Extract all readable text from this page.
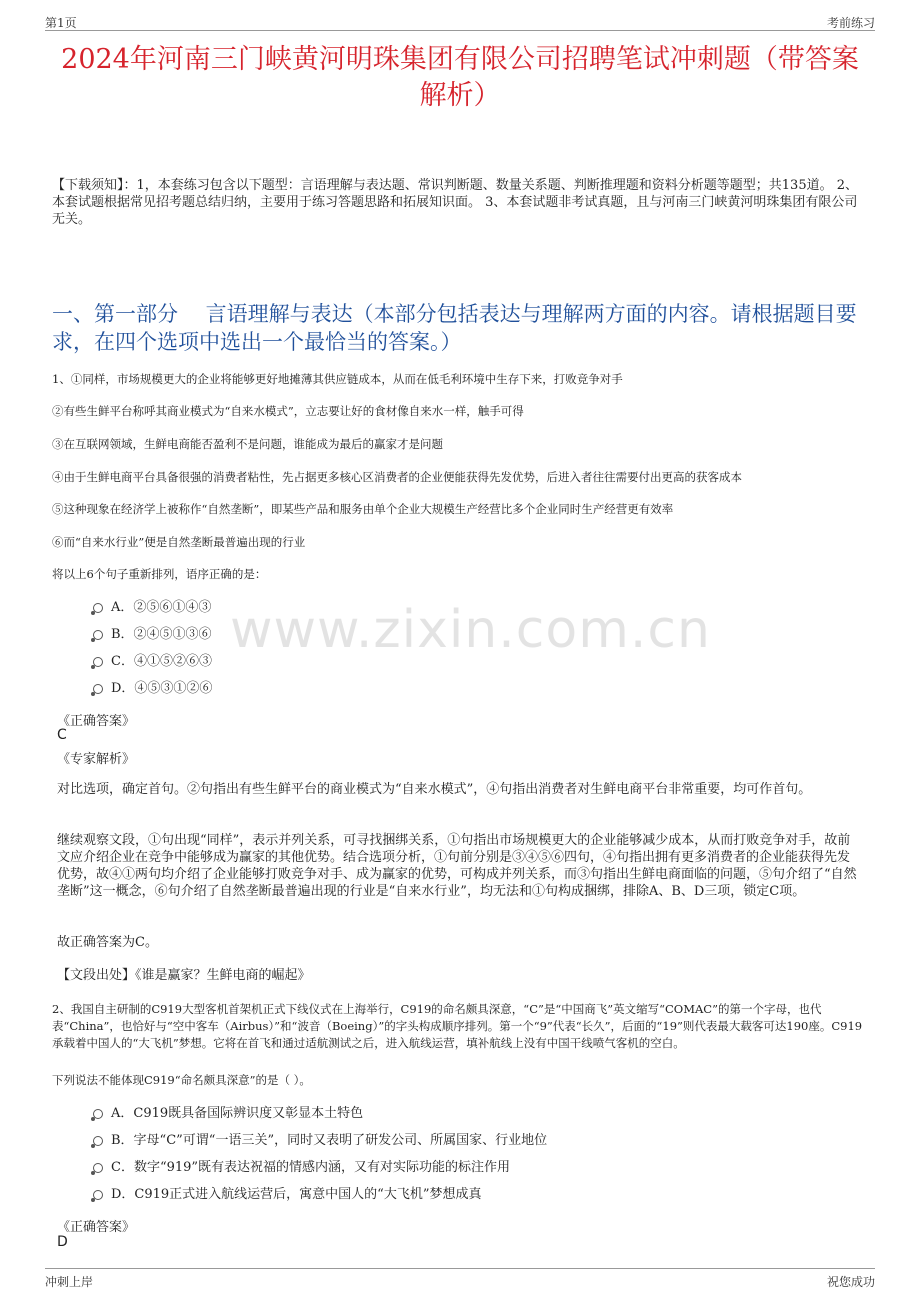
第1页	考前练习
2024年河南三门峡黄河明珠集团有限公司招聘笔试冲刺题（带答案解析）
【下载须知】：1，本套练习包含以下题型：言语理解与表达题、常识判断题、数量关系题、判断推理题和资料分析题等题型；共135道。 2、本套试题根据常见招考题总结归纳，主要用于练习答题思路和拓展知识面。 3、本套试题非考试真题，且与河南三门峡黄河明珠集团有限公司无关。
一、第一部分　 言语理解与表达（本部分包括表达与理解两方面的内容。请根据题目要求，在四个选项中选出一个最恰当的答案。）
www.zixin.com.cn
1、①同样，市场规模更大的企业将能够更好地摊薄其供应链成本，从而在低毛利环境中生存下来，打败竞争对手
②有些生鲜平台称呼其商业模式为“自来水模式”，立志要让好的食材像自来水一样，触手可得
③在互联网领域，生鲜电商能否盈利不是问题，谁能成为最后的赢家才是问题
④由于生鲜电商平台具备很强的消费者粘性，先占据更多核心区消费者的企业便能获得先发优势，后进入者往往需要付出更高的获客成本
⑤这种现象在经济学上被称作“自然垄断”，即某些产品和服务由单个企业大规模生产经营比多个企业同时生产经营更有效率
⑥而“自来水行业”便是自然垄断最普遍出现的行业
将以上6个句子重新排列，语序正确的是：
A．②⑤⑥①④③
B．②④⑤①③⑥
C．④①⑤②⑥③
D．④⑤③①②⑥
《正确答案》
C
《专家解析》
对比选项，确定首句。②句指出有些生鲜平台的商业模式为“自来水模式”，④句指出消费者对生鲜电商平台非常重要，均可作首句。
继续观察文段，①句出现“同样”，表示并列关系，可寻找捆绑关系，①句指出市场规模更大的企业能够减少成本，从而打败竞争对手，故前文应介绍企业在竞争中能够成为赢家的其他优势。结合选项分析，①句前分别是③④⑤⑥四句，④句指出拥有更多消费者的企业能获得先发优势，故④①两句均介绍了企业能够打败竞争对手、成为赢家的优势，可构成并列关系，而③句指出生鲜电商面临的问题，⑤句介绍了“自然垄断”这一概念，⑥句介绍了自然垄断最普遍出现的行业是“自来水行业”，均无法和①句构成捆绑，排除A、B、D三项，锁定C项。
故正确答案为C。
【文段出处】《谁是赢家？生鲜电商的崛起》
2、我国自主研制的C919大型客机首架机正式下线仪式在上海举行，C919的命名颇具深意，“C”是“中国商飞”英文缩写“COMAC”的第一个字母，也代表“China”，也恰好与“空中客车（Airbus）”和“波音（Boeing）”的字头构成顺序排列。第一个“9”代表“长久”，后面的“19”则代表最大载客可达190座。C919承载着中国人的“大飞机”梦想。它将在首飞和通过适航测试之后，进入航线运营，填补航线上没有中国干线喷气客机的空白。
下列说法不能体现C919“命名颇具深意”的是（ ）。
A．C919既具备国际辨识度又彰显本土特色
B．字母“C”可谓“一语三关”，同时又表明了研发公司、所属国家、行业地位
C．数字“919”既有表达祝福的情感内涵，又有对实际功能的标注作用
D．C919正式进入航线运营后，寓意中国人的“大飞机”梦想成真
《正确答案》
D
冲刺上岸	祝您成功
